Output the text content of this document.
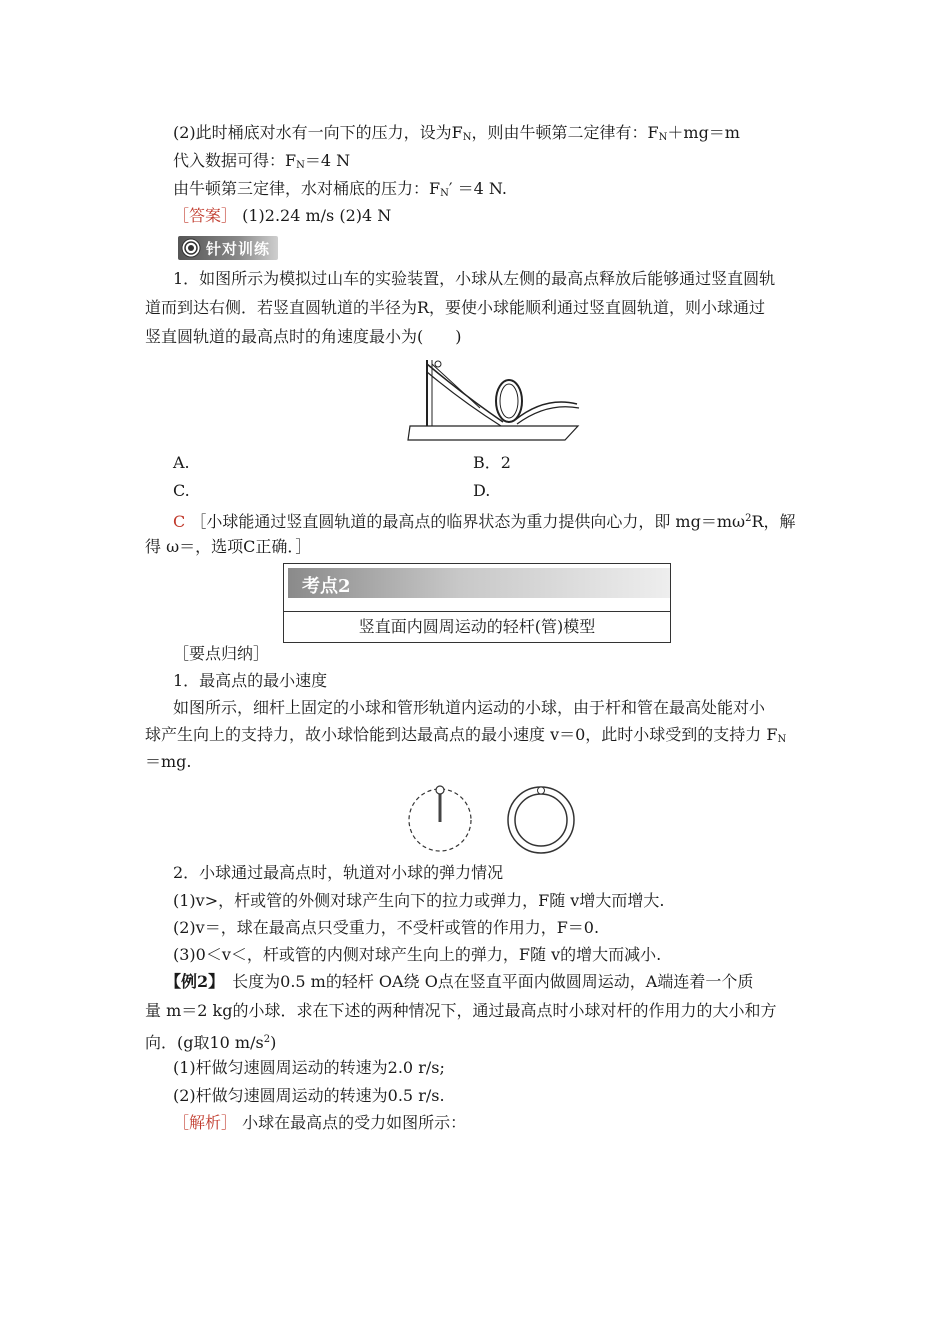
(2)此时桶底对水有一向下的压力，设为$F_N$，则由牛顿第二定律有：$F_N+mg=m$
代入数据可得：$F_N=4$ N
由牛顿第三定律，水对桶底的压力：$F_N' =4$ N.
［答案］ (1)2.24 m/s (2)4 N
针对训练
1．如图所示为模拟过山车的实验装置，小球从左侧的最高点释放后能够通过竖直圆轨
道而到达右侧．若竖直圆轨道的半径为R，要使小球能顺利通过竖直圆轨道，则小球通过
竖直圆轨道的最高点时的角速度最小为(　　)
A.	B．2
C.	D.
C ［小球能通过竖直圆轨道的最高点的临界状态为重力提供向心力，即 $mg=m\omega^2R$，解
得 ω＝，选项C正确．］
考点2
竖直面内圆周运动的轻杆(管)模型
［要点归纳］
1．最高点的最小速度
如图所示，细杆上固定的小球和管形轨道内运动的小球，由于杆和管在最高处能对小
球产生向上的支持力，故小球恰能到达最高点的最小速度 v＝0，此时小球受到的支持力 $F_N$
＝mg.
2．小球通过最高点时，轨道对小球的弹力情况
(1)v>，杆或管的外侧对球产生向下的拉力或弹力，F随 v增大而增大.
(2)v＝，球在最高点只受重力，不受杆或管的作用力，F＝0.
(3)0＜v＜，杆或管的内侧对球产生向上的弹力，F随 v的增大而减小.
【例2】　长度为0.5 m的轻杆 OA绕 O点在竖直平面内做圆周运动，A端连着一个质
量 m＝2 kg的小球．求在下述的两种情况下，通过最高点时小球对杆的作用力的大小和方
向．(g取10 $m/s^2$)
(1)杆做匀速圆周运动的转速为2.0 r/s;
(2)杆做匀速圆周运动的转速为0.5 r/s.
［解析］ 小球在最高点的受力如图所示：
